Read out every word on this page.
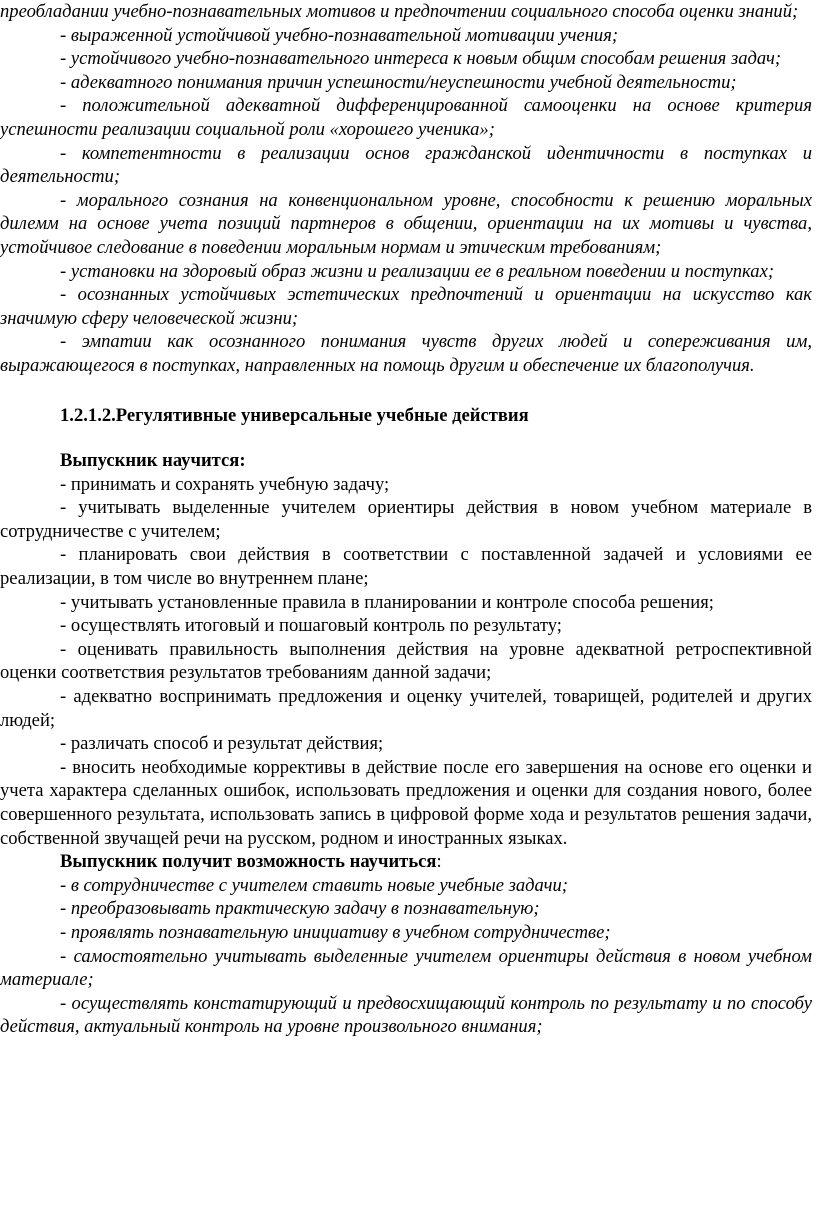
преобладании учебно-познавательных мотивов и предпочтении социального способа оценки знаний;

- выраженной устойчивой учебно-познавательной мотивации учения;

- устойчивого учебно-познавательного интереса к новым общим способам решения задач;

- адекватного понимания причин успешности/неуспешности учебной деятельности;

- положительной адекватной дифференцированной самооценки на основе критерия успешности реализации социальной роли «хорошего ученика»;

- компетентности в реализации основ гражданской идентичности в поступках и деятельности;

- морального сознания на конвенциональном уровне, способности к решению моральных дилемм на основе учета позиций партнеров в общении, ориентации на их мотивы и чувства, устойчивое следование в поведении моральным нормам и этическим требованиям;

- установки на здоровый образ жизни и реализации ее в реальном поведении и поступках;

- осознанных устойчивых эстетических предпочтений и ориентации на искусство как значимую сферу человеческой жизни;

- эмпатии как осознанного понимания чувств других людей и сопереживания им, выражающегося в поступках, направленных на помощь другим и обеспечение их благополучия.

1.2.1.2.Регулятивные универсальные учебные действия

Выпускник научится:

- принимать и сохранять учебную задачу;

- учитывать выделенные учителем ориентиры действия в новом учебном материале в сотрудничестве с учителем;

- планировать свои действия в соответствии с поставленной задачей и условиями ее реализации, в том числе во внутреннем плане;

- учитывать установленные правила в планировании и контроле способа решения;

- осуществлять итоговый и пошаговый контроль по результату;

- оценивать правильность выполнения действия на уровне адекватной ретроспективной оценки соответствия результатов требованиям данной задачи;

- адекватно воспринимать предложения и оценку учителей, товарищей, родителей и других людей;

- различать способ и результат действия;

- вносить необходимые коррективы в действие после его завершения на основе его оценки и учета характера сделанных ошибок, использовать предложения и оценки для создания нового, более совершенного результата, использовать запись в цифровой форме хода и результатов решения задачи, собственной звучащей речи на русском, родном и иностранных языках.

Выпускник получит возможность научиться:

- в сотрудничестве с учителем ставить новые учебные задачи;

- преобразовывать практическую задачу в познавательную;

- проявлять познавательную инициативу в учебном сотрудничестве;

- самостоятельно учитывать выделенные учителем ориентиры действия в новом учебном материале;

- осуществлять констатирующий и предвосхищающий контроль по результату и по способу действия, актуальный контроль на уровне произвольного внимания;
